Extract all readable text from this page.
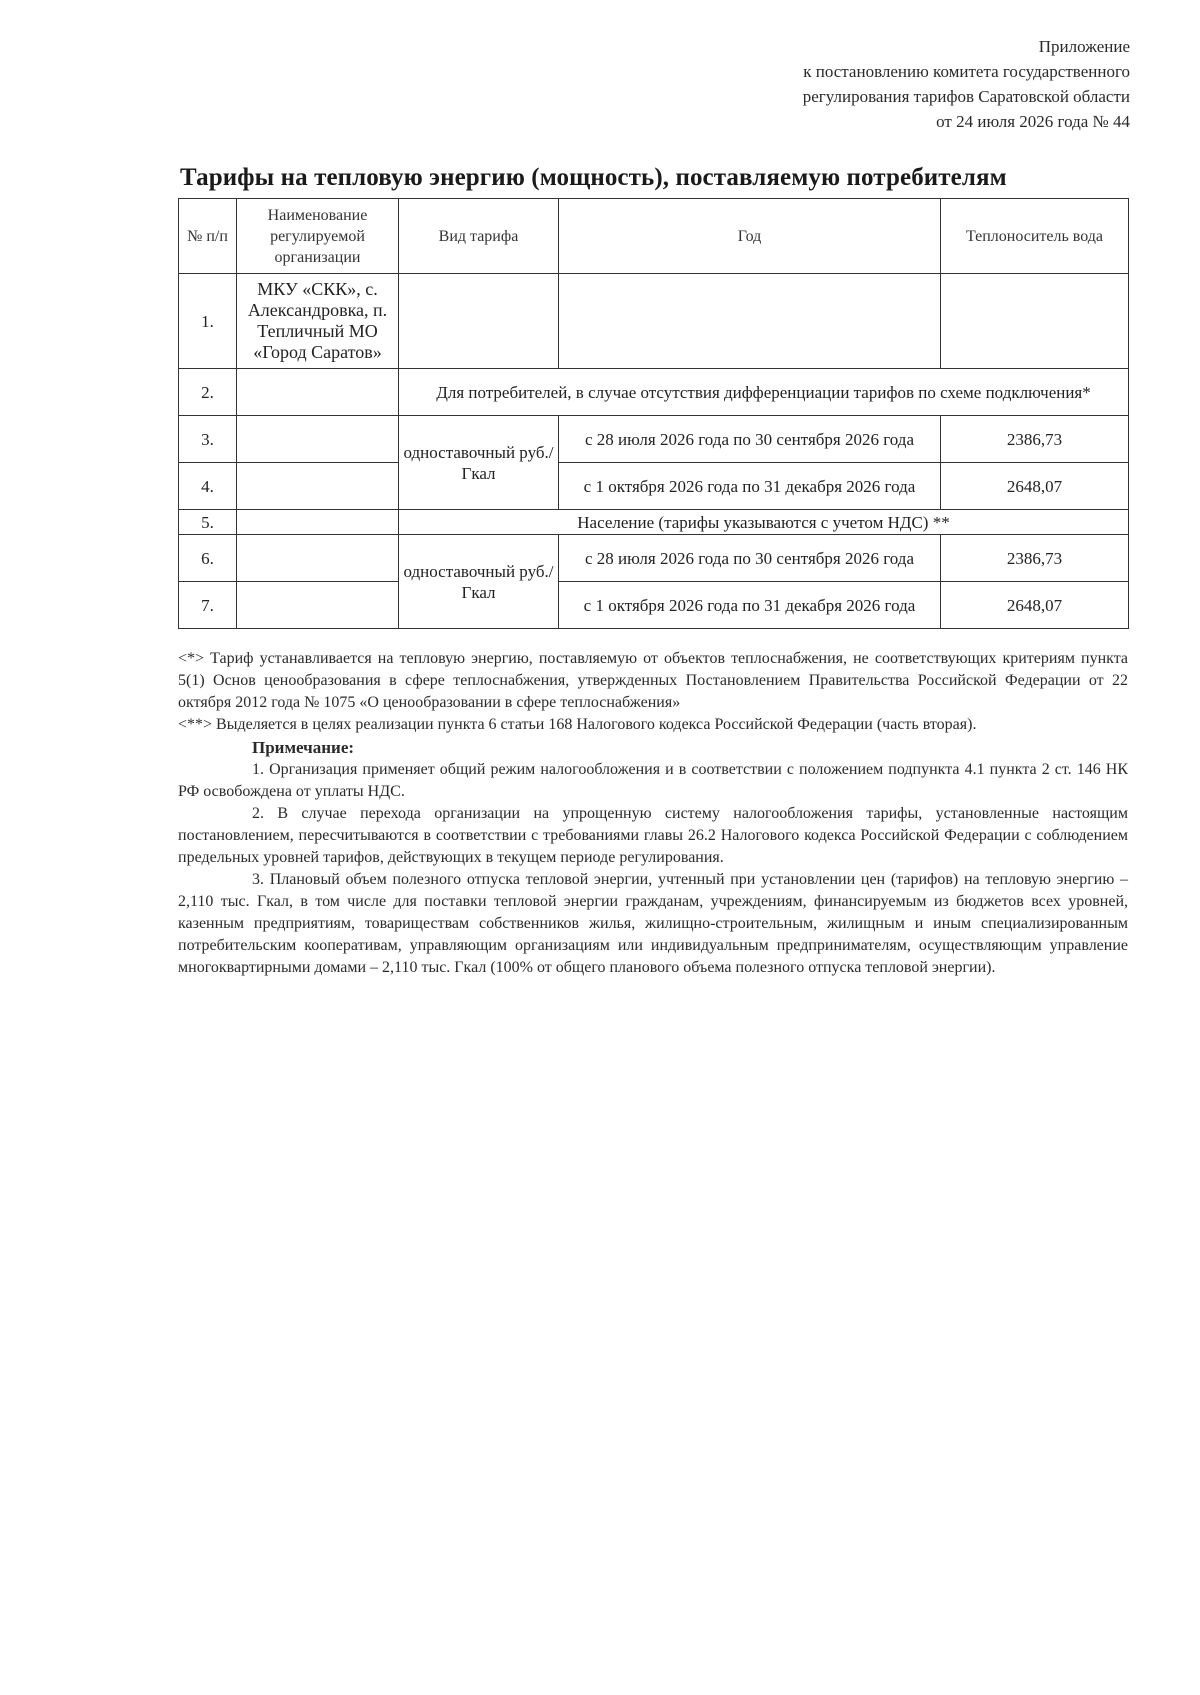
Приложение
к постановлению комитета государственного
регулирования тарифов Саратовской области
от 24 июля 2026 года № 44
Тарифы на тепловую энергию (мощность), поставляемую потребителям
№ п/п	Наименование регулируемой организации	Вид тарифа	Год	Теплоноситель вода
1.	МКУ «СКК», с. Александровка, п. Тепличный МО «Город Саратов»			
2.		Для потребителей, в случае отсутствия дифференциации тарифов по схеме подключения*		
3.		одноставочный руб./Гкал	с 28 июля 2026 года по 30 сентября 2026 года	2386,73
4.			с 1 октября 2026 года по 31 декабря 2026 года	2648,07
5.		Население (тарифы указываются с учетом НДС) **		
6.		одноставочный руб./Гкал	с 28 июля 2026 года по 30 сентября 2026 года	2386,73
7.			с 1 октября 2026 года по 31 декабря 2026 года	2648,07

<*> Тариф устанавливается на тепловую энергию, поставляемую от объектов теплоснабжения, не соответствующих критериям пункта 5(1) Основ ценообразования в сфере теплоснабжения, утвержденных Постановлением Правительства Российской Федерации от 22 октября 2012 года № 1075 «О ценообразовании в сфере теплоснабжения»

<**> Выделяется в целях реализации пункта 6 статьи 168 Налогового кодекса Российской Федерации (часть вторая).

Примечание:

1. Организация применяет общий режим налогообложения и в соответствии с положением подпункта 4.1 пункта 2 ст. 146 НК РФ освобождена от уплаты НДС.

2. В случае перехода организации на упрощенную систему налогообложения тарифы, установленные настоящим постановлением, пересчитываются в соответствии с требованиями главы 26.2 Налогового кодекса Российской Федерации с соблюдением предельных уровней тарифов, действующих в текущем периоде регулирования.

3. Плановый объем полезного отпуска тепловой энергии, учтенный при установлении цен (тарифов) на тепловую энергию – 2,110 тыс. Гкал, в том числе для поставки тепловой энергии гражданам, учреждениям, финансируемым из бюджетов всех уровней, казенным предприятиям, товариществам собственников жилья, жилищно-строительным, жилищным и иным специализированным потребительским кооперативам, управляющим организациям или индивидуальным предпринимателям, осуществляющим управление многоквартирными домами – 2,110 тыс. Гкал (100% от общего планового объема полезного отпуска тепловой энергии).
